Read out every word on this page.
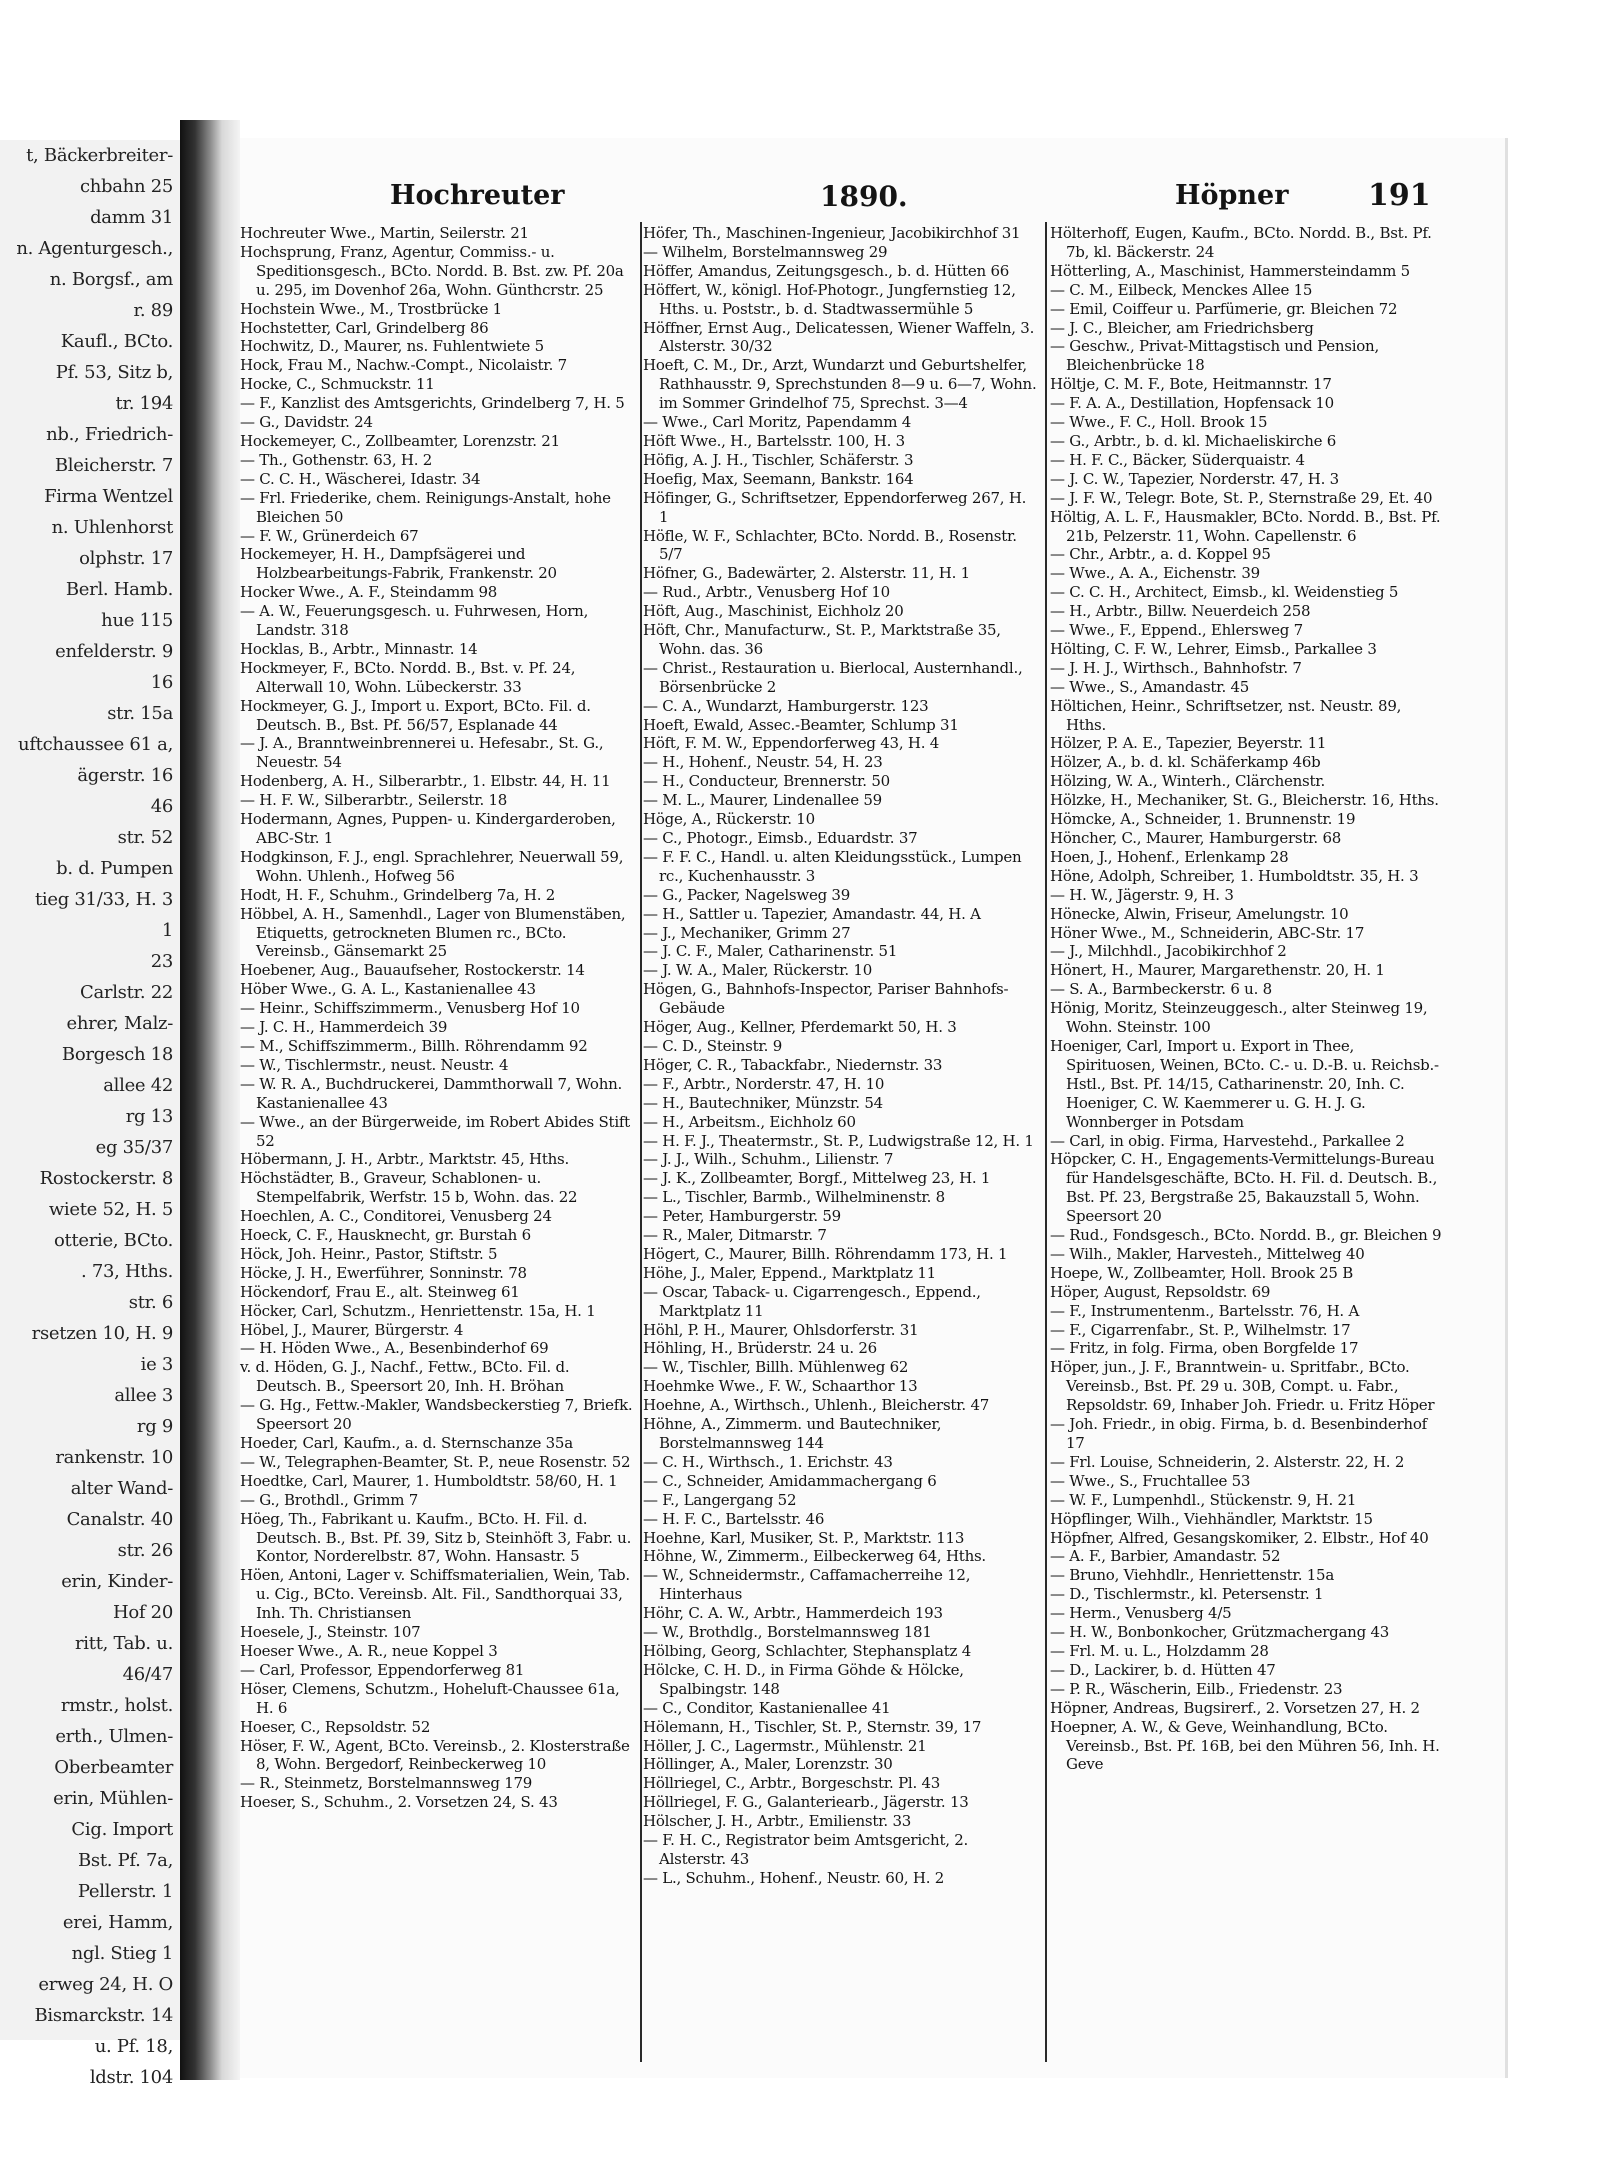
t, Bäckerbreiter-
chbahn 25
damm 31
n. Agenturgesch.,
n. Borgsf., am
r. 89
Kaufl., BCto.
Pf. 53, Sitz b,
tr. 194
nb., Friedrich-
Bleicherstr. 7
Firma Wentzel
n. Uhlenhorst
olphstr. 17
Berl. Hamb.
hue 115
enfelderstr. 9
16
str. 15a
uftchaussee 61 a,
ägerstr. 16
46
str. 52
b. d. Pumpen
tieg 31/33, H. 3
1
23
Carlstr. 22
ehrer, Malz-
Borgesch 18
allee 42
rg 13
eg 35/37
Rostockerstr. 8
wiete 52, H. 5
otterie, BCto.
. 73, Hths.
str. 6
rsetzen 10, H. 9
ie 3
allee 3
rg 9
rankenstr. 10
alter Wand-
Canalstr. 40
str. 26
erin, Kinder-
Hof 20
ritt, Tab. u.
46/47
rmstr., holst.
erth., Ulmen-
Oberbeamter
erin, Mühlen-
Cig. Import
Bst. Pf. 7a,
Pellerstr. 1
erei, Hamm,
ngl. Stieg 1
erweg 24, H. O
Bismarckstr. 14
u. Pf. 18,
ldstr. 104
Hochreuter	1890.	Höpner	191
Hochreuter Wwe., Martin, Seilerstr. 21
Hochsprung, Franz, Agentur, Commiss.- u. Speditionsgesch., BCto. Nordd. B. Bst. zw. Pf. 20a u. 295, im Dovenhof 26a, Wohn. Günthcrstr. 25
Hochstein Wwe., M., Trostbrücke 1
Hochstetter, Carl, Grindelberg 86
Hochwitz, D., Maurer, ns. Fuhlentwiete 5
Hock, Frau M., Nachw.-Compt., Nicolaistr. 7
Hocke, C., Schmuckstr. 11
— F., Kanzlist des Amtsgerichts, Grindelberg 7, H. 5
— G., Davidstr. 24
Hockemeyer, C., Zollbeamter, Lorenzstr. 21
— Th., Gothenstr. 63, H. 2
— C. C. H., Wäscherei, Idastr. 34
— Frl. Friederike, chem. Reinigungs-Anstalt, hohe Bleichen 50
— F. W., Grünerdeich 67
Hockemeyer, H. H., Dampfsägerei und Holzbearbeitungs-Fabrik, Frankenstr. 20
Hocker Wwe., A. F., Steindamm 98
— A. W., Feuerungsgesch. u. Fuhrwesen, Horn, Landstr. 318
Hocklas, B., Arbtr., Minnastr. 14
Hockmeyer, F., BCto. Nordd. B., Bst. v. Pf. 24, Alterwall 10, Wohn. Lübeckerstr. 33
Hockmeyer, G. J., Import u. Export, BCto. Fil. d. Deutsch. B., Bst. Pf. 56/57, Esplanade 44
— J. A., Branntweinbrennerei u. Hefesabr., St. G., Neuestr. 54
Hodenberg, A. H., Silberarbtr., 1. Elbstr. 44, H. 11
— H. F. W., Silberarbtr., Seilerstr. 18
Hodermann, Agnes, Puppen- u. Kindergarderoben, ABC-Str. 1
Hodgkinson, F. J., engl. Sprachlehrer, Neuerwall 59, Wohn. Uhlenh., Hofweg 56
Hodt, H. F., Schuhm., Grindelberg 7a, H. 2
Höbbel, A. H., Samenhdl., Lager von Blumenstäben, Etiquetts, getrockneten Blumen rc., BCto. Vereinsb., Gänsemarkt 25
Hoebener, Aug., Bauaufseher, Rostockerstr. 14
Höber Wwe., G. A. L., Kastanienallee 43
— Heinr., Schiffszimmerm., Venusberg Hof 10
— J. C. H., Hammerdeich 39
— M., Schiffszimmerm., Billh. Röhrendamm 92
— W., Tischlermstr., neust. Neustr. 4
— W. R. A., Buchdruckerei, Dammthorwall 7, Wohn. Kastanienallee 43
— Wwe., an der Bürgerweide, im Robert Abides Stift 52
Höbermann, J. H., Arbtr., Marktstr. 45, Hths.
Höchstädter, B., Graveur, Schablonen- u. Stempelfabrik, Werfstr. 15 b, Wohn. das. 22
Hoechlen, A. C., Conditorei, Venusberg 24
Hoeck, C. F., Hausknecht, gr. Burstah 6
Höck, Joh. Heinr., Pastor, Stiftstr. 5
Höcke, J. H., Ewerführer, Sonninstr. 78
Höckendorf, Frau E., alt. Steinweg 61
Höcker, Carl, Schutzm., Henriettenstr. 15a, H. 1
Höbel, J., Maurer, Bürgerstr. 4
— H. Höden Wwe., A., Besenbinderhof 69
v. d. Höden, G. J., Nachf., Fettw., BCto. Fil. d. Deutsch. B., Speersort 20, Inh. H. Bröhan
— G. Hg., Fettw.-Makler, Wandsbeckerstieg 7, Briefk. Speersort 20
Hoeder, Carl, Kaufm., a. d. Sternschanze 35a
— W., Telegraphen-Beamter, St. P., neue Rosenstr. 52
Hoedtke, Carl, Maurer, 1. Humboldtstr. 58/60, H. 1
— G., Brothdl., Grimm 7
Höeg, Th., Fabrikant u. Kaufm., BCto. H. Fil. d. Deutsch. B., Bst. Pf. 39, Sitz b, Steinhöft 3, Fabr. u. Kontor, Norderelbstr. 87, Wohn. Hansastr. 5
Höen, Antoni, Lager v. Schiffsmaterialien, Wein, Tab. u. Cig., BCto. Vereinsb. Alt. Fil., Sandthorquai 33, Inh. Th. Christiansen
Hoesele, J., Steinstr. 107
Hoeser Wwe., A. R., neue Koppel 3
— Carl, Professor, Eppendorferweg 81
Höser, Clemens, Schutzm., Hoheluft-Chaussee 61a, H. 6
Hoeser, C., Repsoldstr. 52
Höser, F. W., Agent, BCto. Vereinsb., 2. Klosterstraße 8, Wohn. Bergedorf, Reinbeckerweg 10
— R., Steinmetz, Borstelmannsweg 179
Hoeser, S., Schuhm., 2. Vorsetzen 24, S. 43
Höfer, Th., Maschinen-Ingenieur, Jacobikirchhof 31
— Wilhelm, Borstelmannsweg 29
Höffer, Amandus, Zeitungsgesch., b. d. Hütten 66
Höffert, W., königl. Hof-Photogr., Jungfernstieg 12, Hths. u. Poststr., b. d. Stadtwassermühle 5
Höffner, Ernst Aug., Delicatessen, Wiener Waffeln, 3. Alsterstr. 30/32
Hoeft, C. M., Dr., Arzt, Wundarzt und Geburtshelfer, Rathhausstr. 9, Sprechstunden 8—9 u. 6—7, Wohn. im Sommer Grindelhof 75, Sprechst. 3—4
— Wwe., Carl Moritz, Papendamm 4
Höft Wwe., H., Bartelsstr. 100, H. 3
Höfig, A. J. H., Tischler, Schäferstr. 3
Hoefig, Max, Seemann, Bankstr. 164
Höfinger, G., Schriftsetzer, Eppendorferweg 267, H. 1
Höfle, W. F., Schlachter, BCto. Nordd. B., Rosenstr. 5/7
Höfner, G., Badewärter, 2. Alsterstr. 11, H. 1
— Rud., Arbtr., Venusberg Hof 10
Höft, Aug., Maschinist, Eichholz 20
Höft, Chr., Manufacturw., St. P., Marktstraße 35, Wohn. das. 36
— Christ., Restauration u. Bierlocal, Austernhandl., Börsenbrücke 2
— C. A., Wundarzt, Hamburgerstr. 123
Hoeft, Ewald, Assec.-Beamter, Schlump 31
Höft, F. M. W., Eppendorferweg 43, H. 4
— H., Hohenf., Neustr. 54, H. 23
— H., Conducteur, Brennerstr. 50
— M. L., Maurer, Lindenallee 59
Höge, A., Rückerstr. 10
— C., Photogr., Eimsb., Eduardstr. 37
— F. F. C., Handl. u. alten Kleidungsstück., Lumpen rc., Kuchenhausstr. 3
— G., Packer, Nagelsweg 39
— H., Sattler u. Tapezier, Amandastr. 44, H. A
— J., Mechaniker, Grimm 27
— J. C. F., Maler, Catharinenstr. 51
— J. W. A., Maler, Rückerstr. 10
Högen, G., Bahnhofs-Inspector, Pariser Bahnhofs-Gebäude
Höger, Aug., Kellner, Pferdemarkt 50, H. 3
— C. D., Steinstr. 9
Höger, C. R., Tabackfabr., Niedernstr. 33
— F., Arbtr., Norderstr. 47, H. 10
— H., Bautechniker, Münzstr. 54
— H., Arbeitsm., Eichholz 60
— H. F. J., Theatermstr., St. P., Ludwigstraße 12, H. 1
— J. J., Wilh., Schuhm., Lilienstr. 7
— J. K., Zollbeamter, Borgf., Mittelweg 23, H. 1
— L., Tischler, Barmb., Wilhelminenstr. 8
— Peter, Hamburgerstr. 59
— R., Maler, Ditmarstr. 7
Högert, C., Maurer, Billh. Röhrendamm 173, H. 1
Höhe, J., Maler, Eppend., Marktplatz 11
— Oscar, Taback- u. Cigarrengesch., Eppend., Marktplatz 11
Höhl, P. H., Maurer, Ohlsdorferstr. 31
Höhling, H., Brüderstr. 24 u. 26
— W., Tischler, Billh. Mühlenweg 62
Hoehmke Wwe., F. W., Schaarthor 13
Hoehne, A., Wirthsch., Uhlenh., Bleicherstr. 47
Höhne, A., Zimmerm. und Bautechniker, Borstelmannsweg 144
— C. H., Wirthsch., 1. Erichstr. 43
— C., Schneider, Amidammachergang 6
— F., Langergang 52
— H. F. C., Bartelsstr. 46
Hoehne, Karl, Musiker, St. P., Marktstr. 113
Höhne, W., Zimmerm., Eilbeckerweg 64, Hths.
— W., Schneidermstr., Caffamacherreihe 12, Hinterhaus
Höhr, C. A. W., Arbtr., Hammerdeich 193
— W., Brothdlg., Borstelmannsweg 181
Hölbing, Georg, Schlachter, Stephansplatz 4
Hölcke, C. H. D., in Firma Göhde & Hölcke, Spalbingstr. 148
— C., Conditor, Kastanienallee 41
Hölemann, H., Tischler, St. P., Sternstr. 39, 17
Höller, J. C., Lagermstr., Mühlenstr. 21
Höllinger, A., Maler, Lorenzstr. 30
Höllriegel, C., Arbtr., Borgeschstr. Pl. 43
Höllriegel, F. G., Galanteriearb., Jägerstr. 13
Hölscher, J. H., Arbtr., Emilienstr. 33
— F. H. C., Registrator beim Amtsgericht, 2. Alsterstr. 43
— L., Schuhm., Hohenf., Neustr. 60, H. 2
Hölterhoff, Eugen, Kaufm., BCto. Nordd. B., Bst. Pf. 7b, kl. Bäckerstr. 24
Hötterling, A., Maschinist, Hammersteindamm 5
— C. M., Eilbeck, Menckes Allee 15
— Emil, Coiffeur u. Parfümerie, gr. Bleichen 72
— J. C., Bleicher, am Friedrichsberg
— Geschw., Privat-Mittagstisch und Pension, Bleichenbrücke 18
Höltje, C. M. F., Bote, Heitmannstr. 17
— F. A. A., Destillation, Hopfensack 10
— Wwe., F. C., Holl. Brook 15
— G., Arbtr., b. d. kl. Michaeliskirche 6
— H. F. C., Bäcker, Süderquaistr. 4
— J. C. W., Tapezier, Norderstr. 47, H. 3
— J. F. W., Telegr. Bote, St. P., Sternstraße 29, Et. 40
Höltig, A. L. F., Hausmakler, BCto. Nordd. B., Bst. Pf. 21b, Pelzerstr. 11, Wohn. Capellenstr. 6
— Chr., Arbtr., a. d. Koppel 95
— Wwe., A. A., Eichenstr. 39
— C. C. H., Architect, Eimsb., kl. Weidenstieg 5
— H., Arbtr., Billw. Neuerdeich 258
— Wwe., F., Eppend., Ehlersweg 7
Hölting, C. F. W., Lehrer, Eimsb., Parkallee 3
— J. H. J., Wirthsch., Bahnhofstr. 7
— Wwe., S., Amandastr. 45
Höltichen, Heinr., Schriftsetzer, nst. Neustr. 89, Hths.
Hölzer, P. A. E., Tapezier, Beyerstr. 11
Hölzer, A., b. d. kl. Schäferkamp 46b
Hölzing, W. A., Winterh., Clärchenstr.
Hölzke, H., Mechaniker, St. G., Bleicherstr. 16, Hths.
Hömcke, A., Schneider, 1. Brunnenstr. 19
Höncher, C., Maurer, Hamburgerstr. 68
Hoen, J., Hohenf., Erlenkamp 28
Höne, Adolph, Schreiber, 1. Humboldtstr. 35, H. 3
— H. W., Jägerstr. 9, H. 3
Hönecke, Alwin, Friseur, Amelungstr. 10
Höner Wwe., M., Schneiderin, ABC-Str. 17
— J., Milchhdl., Jacobikirchhof 2
Hönert, H., Maurer, Margarethenstr. 20, H. 1
— S. A., Barmbeckerstr. 6 u. 8
Hönig, Moritz, Steinzeuggesch., alter Steinweg 19, Wohn. Steinstr. 100
Hoeniger, Carl, Import u. Export in Thee, Spirituosen, Weinen, BCto. C.- u. D.-B. u. Reichsb.-Hstl., Bst. Pf. 14/15, Catharinenstr. 20, Inh. C. Hoeniger, C. W. Kaemmerer u. G. H. J. G. Wonnberger in Potsdam
— Carl, in obig. Firma, Harvestehd., Parkallee 2
Höpcker, C. H., Engagements-Vermittelungs-Bureau für Handelsgeschäfte, BCto. H. Fil. d. Deutsch. B., Bst. Pf. 23, Bergstraße 25, Bakauzstall 5, Wohn. Speersort 20
— Rud., Fondsgesch., BCto. Nordd. B., gr. Bleichen 9
— Wilh., Makler, Harvesteh., Mittelweg 40
Hoepe, W., Zollbeamter, Holl. Brook 25 B
Höper, August, Repsoldstr. 69
— F., Instrumentenm., Bartelsstr. 76, H. A
— F., Cigarrenfabr., St. P., Wilhelmstr. 17
— Fritz, in folg. Firma, oben Borgfelde 17
Höper, jun., J. F., Branntwein- u. Spritfabr., BCto. Vereinsb., Bst. Pf. 29 u. 30B, Compt. u. Fabr., Repsoldstr. 69, Inhaber Joh. Friedr. u. Fritz Höper
— Joh. Friedr., in obig. Firma, b. d. Besenbinderhof 17
— Frl. Louise, Schneiderin, 2. Alsterstr. 22, H. 2
— Wwe., S., Fruchtallee 53
— W. F., Lumpenhdl., Stückenstr. 9, H. 21
Höpflinger, Wilh., Viehhändler, Marktstr. 15
Höpfner, Alfred, Gesangskomiker, 2. Elbstr., Hof 40
— A. F., Barbier, Amandastr. 52
— Bruno, Viehhdlr., Henriettenstr. 15a
— D., Tischlermstr., kl. Petersenstr. 1
— Herm., Venusberg 4/5
— H. W., Bonbonkocher, Grützmachergang 43
— Frl. M. u. L., Holzdamm 28
— D., Lackirer, b. d. Hütten 47
— P. R., Wäscherin, Eilb., Friedenstr. 23
Höpner, Andreas, Bugsirerf., 2. Vorsetzen 27, H. 2
Hoepner, A. W., & Geve, Weinhandlung, BCto. Vereinsb., Bst. Pf. 16B, bei den Mühren 56, Inh. H. Geve
